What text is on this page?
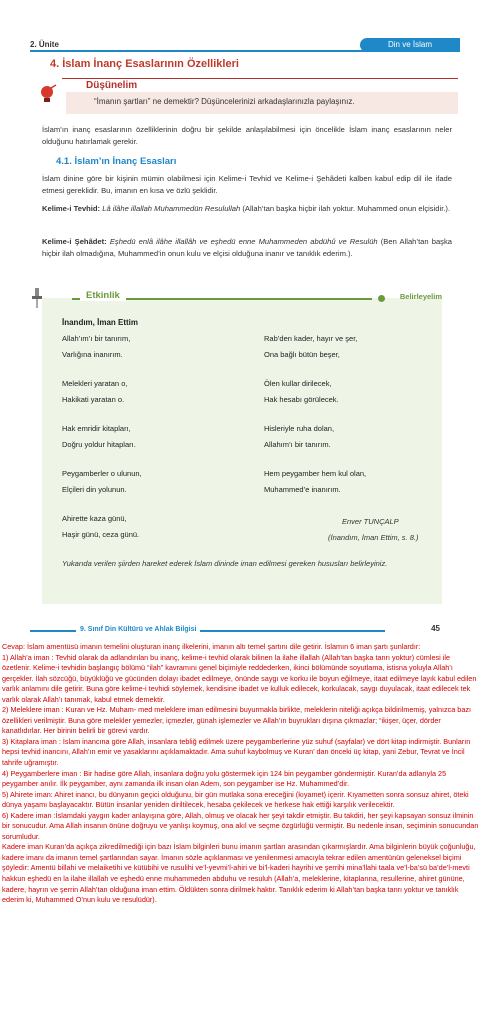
2. Ünite	Din ve İslam
4. İslam İnanç Esaslarının Özellikleri
Düşünelim
“İmanın şartları” ne demektir? Düşüncelerinizi arkadaşlarınızla paylaşınız.
İslam’ın inanç esaslarının özelliklerinin doğru bir şekilde anlaşılabilmesi için öncelikle İslam inanç esaslarının neler olduğunu hatırlamak gerekir.
4.1. İslam’ın İnanç Esasları
İslam dinine göre bir kişinin mümin olabilmesi için Kelime-i Tevhid ve Kelime-i Şehâdeti kalben kabul edip dil ile ifade etmesi gereklidir. Bu, imanın en kısa ve özlü şeklidir.
Kelime-i Tevhid: Lâ ilâhe illallah Muhammedün Resulullah (Allah’tan başka hiçbir ilah yoktur. Muhammed onun elçisidir.).
Kelime-i Şehâdet: Eşhedü enlâ ilâhe illallâh ve eşhedü enne Muhammeden abdühû ve Resulüh (Ben Allah’tan başka hiçbir ilah olmadığına, Muhammed’in onun kulu ve elçisi olduğuna inanır ve tanıklık ederim.).
Etkinlik	Belirleyelim
İnandım, İman Ettim
Allah’ım’ı bir tanırım,
Varlığına inanırım.
Melekleri yaratan o,
Hakikati yaratan o.
Hak emridir kitapları,
Doğru yoldur hitapları.
Peygamberler o ulunun,
Elçileri din yolunun.
Ahirette kaza günü,
Haşir günü, ceza günü.
Rab’den kader, hayır ve şer,
Ona bağlı bütün beşer,
Ölen kullar dirilecek,
Hak hesabı görülecek.
Hisleriyle ruha dolan,
Allahım’ı bir tanırım.
Hem peygamber hem kul olan,
Muhammed’e inanırım.
Enver TUNÇALP
(İnandım, İman Ettim, s. 8.)
Yukarıda verilen şiirden hareket ederek İslam dininde iman edilmesi gereken hususları belirleyiniz.
9. Sınıf Din Kültürü ve Ahlak Bilgisi	45

Cevap: İslam amentüsü imanın temelini oluşturan inanç ilkelerini, imanın altı temel şartını dile getirir. İslamın 6 iman şartı şunlardır:

1) Allah’a iman : Tevhid olarak da adlandırılan bu inanç, kelime-i tevhid olarak bilinen la ilahe illallah (Allah’tan başka tanrı yoktur) cümlesi ile özetlenir. Kelime-i tevhidin başlangıç bölümü “ilah” kavramını genel biçimiyle reddederken, ikinci bölümünde soyutlama, istisna yoluyla Allah’ı gerçekler. İlah sözcüğü, büyüklüğü ve gücünden dolayı ibadet edilmeye, önünde saygı ve korku ile boyun eğilmeye, itaat edilmeye layık kabul edilen varlık anlamını dile getirir. Buna göre kelime-i tevhidi söylemek, kendisine ibadet ve kulluk edilecek, korkulacak, saygı duyulacak, itaat edilecek tek varlık olarak Allah’ı tanımak, kabul etmek demektir.

2) Meleklere iman : Kuran ve Hz. Muham- med meleklere iman edilmesini buyurmakla birlikte, meleklerin niteliği açıkça bildirilmemiş, yalnızca bazı özellikleri verilmiştir. Buna göre melekler yemezler, içmezler, günah işlemezler ve Allah’ın buyrukları dışına çıkmazlar; “ikişer, üçer, dörder kanatlıdırlar. Her birinin belirli bir görevi vardır.

3) Kitaplara iman : İslam inancına göre Allah, insanlara tebliğ edilmek üzere peygamberlerine yüz suhuf (sayfalar) ve dört kitap indirmiştir. Bunların hepsi tevhid inancını, Allah’ın emir ve yasaklarını açıklamaktadır. Ama suhuf kaybolmuş ve Kuran’ dan önceki üç kitap, yani Zebur, Tevrat ve İncil tahrife uğramıştır.

4) Peygamberlere iman : Bir hadise göre Allah, insanlara doğru yolu göstermek için 124 bin peygamber göndermiştir. Kuran’da adlarıyla 25 peygamber anılır. İlk peygamber, aynı zamanda ilk insan olan Adem, son peygamber ise Hz. Muhammed’dir.

5) Ahirete iman: Ahiret inancı, bu dünyanın geçici olduğunu, bir gün mutlaka sona ereceğini (kıyamet) içerir. Kıyametten sonra sonsuz ahiret, öteki dünya yaşamı başlayacaktır. Bütün insanlar yeniden diriltilecek, hesaba çekilecek ve herkese hak ettiği karşılık verilecektir.

6) Kadere iman :İslamdaki yaygın kader anlayışına göre, Allah, olmuş ve olacak her şeyi takdir etmiştir. Bu takdiri, her şeyi kapsayan sonsuz ilminin bir sonucudur. Ama Allah insanın önüne doğruyu ve yanlışı koymuş, ona akıl ve seçme özgürlüğü vermiştir. Bu nedenle insan, seçiminin sonucundan sorumludur.

Kadere iman Kuran’da açıkça zikredilmediği için bazı İslam bilginleri bunu imanın şartları arasından çıkarmışlardır. Ama bilginlerin büyük çoğunluğu, kadere imanı da imanın temel şartlarından sayar. İmanın sözle açıklanması ve yenilenmesi amacıyla tekrar edilen amentünün geleneksel biçimi şöyledir: Amentü billahi ve melaiketihi ve kütübihi ve rusulihi ve’l-yevmi’l-ahiri ve bi’l-kaderi hayrihi ve şerrihi mina’llahi taala ve’l-ba’sü ba’de’l-mevti hakkun eşhedü en la ilahe illallah ve eşhedü enne muhammeden abduhu ve resuluh (Allah’a, meleklerine, kitaplarına, resullerine, ahiret gününe, kadere, hayrın ve şerrin Allah’tan olduğuna iman ettim. Öldükten sonra dirilmek haktır. Tanıklık ederim ki Allah’tan başka tanrı yoktur ve tanıklık ederim ki, Muhammed O’nun kulu ve resulüdür).
